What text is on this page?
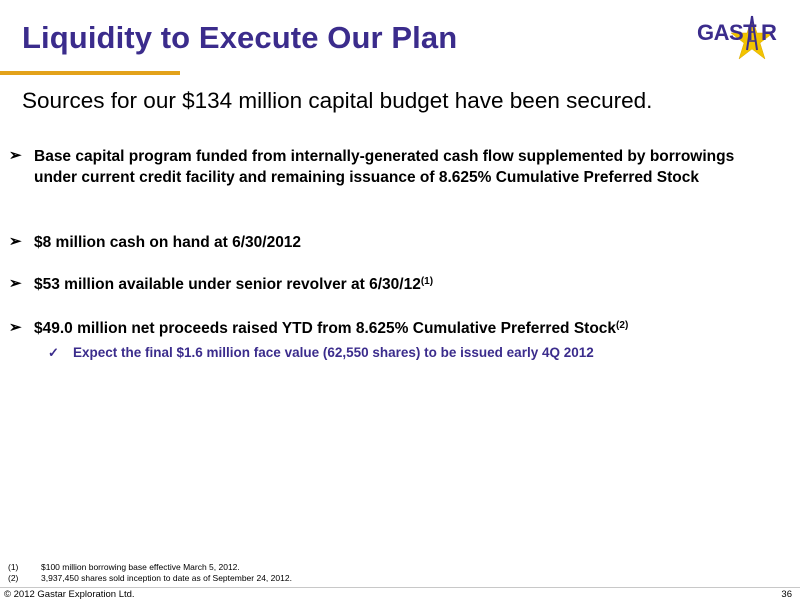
Liquidity to Execute Our Plan	GAST R
Sources for our $134 million capital budget have been secured.
➢ Base capital program funded from internally-generated cash flow supplemented by borrowings under current credit facility and remaining issuance of 8.625% Cumulative Preferred Stock
➢ $8 million cash on hand at 6/30/2012
➢ $53 million available under senior revolver at 6/30/12$^{(1)}$
➢ $49.0 million net proceeds raised YTD from 8.625% Cumulative Preferred Stock$^{(2)}$
✓ Expect the final $1.6 million face value (62,550 shares) to be issued early 4Q 2012
(1)	$100 million borrowing base effective March 5, 2012.
(2)	3,937,450 shares sold inception to date as of September 24, 2012.
© 2012 Gastar Exploration Ltd.	36
